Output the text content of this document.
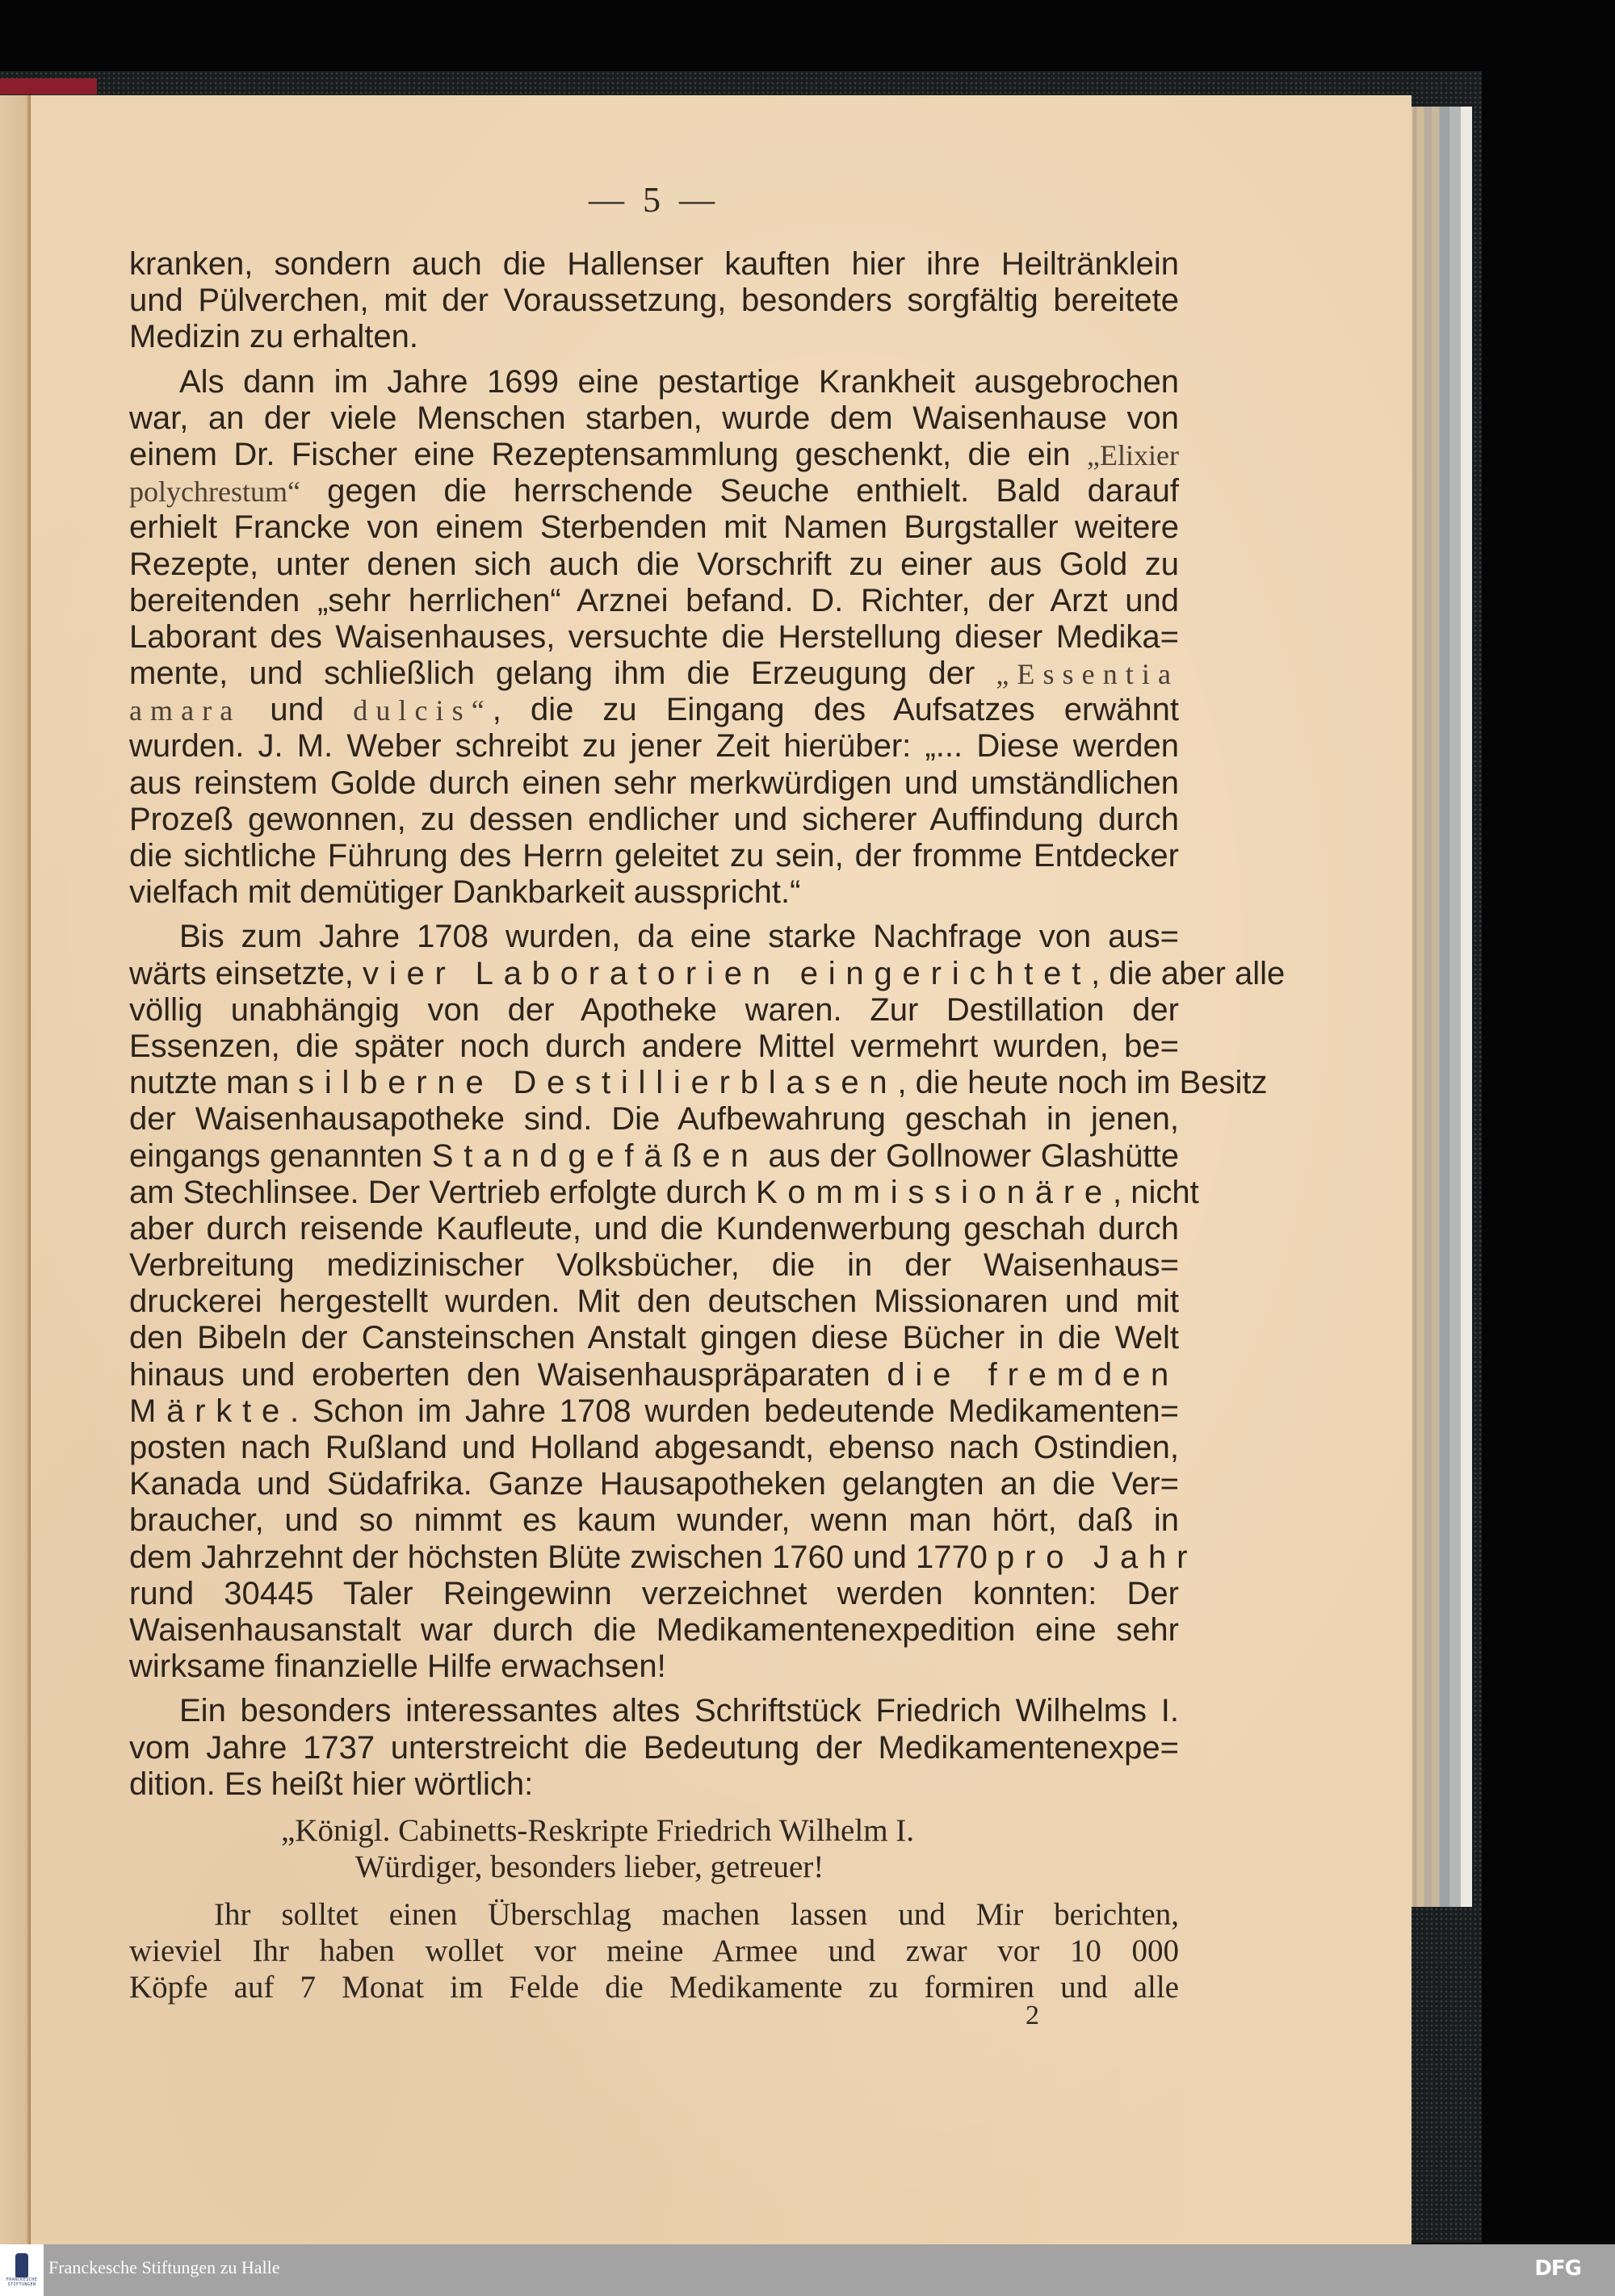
— 5 —
kranken, sondern auch die Hallenser kauften hier ihre Heiltränklein
und Pülverchen, mit der Voraussetzung, besonders sorgfältig bereitete
Medizin zu erhalten.
Als dann im Jahre 1699 eine pestartige Krankheit ausgebrochen
war, an der viele Menschen starben, wurde dem Waisenhause von
einem Dr. Fischer eine Rezeptensammlung geschenkt, die ein „Elixier
polychrestum“ gegen die herrschende Seuche enthielt. Bald darauf
erhielt Francke von einem Sterbenden mit Namen Burgstaller weitere
Rezepte, unter denen sich auch die Vorschrift zu einer aus Gold zu
bereitenden „sehr herrlichen“ Arznei befand. D. Richter, der Arzt und
Laborant des Waisenhauses, versuchte die Herstellung dieser Medika=
mente, und schließlich gelang ihm die Erzeugung der „Essentia
amara und dulcis“, die zu Eingang des Aufsatzes erwähnt
wurden. J. M. Weber schreibt zu jener Zeit hierüber: „... Diese werden
aus reinstem Golde durch einen sehr merkwürdigen und umständlichen
Prozeß gewonnen, zu dessen endlicher und sicherer Auffindung durch
die sichtliche Führung des Herrn geleitet zu sein, der fromme Entdecker
vielfach mit demütiger Dankbarkeit ausspricht.“
Bis zum Jahre 1708 wurden, da eine starke Nachfrage von aus=
wärts einsetzte, vier Laboratorien eingerichtet, die aber alle
völlig unabhängig von der Apotheke waren. Zur Destillation der
Essenzen, die später noch durch andere Mittel vermehrt wurden, be=
nutzte man silberne Destillierblasen, die heute noch im Besitz
der Waisenhausapotheke sind. Die Aufbewahrung geschah in jenen,
eingangs genannten Standgefäßen aus der Gollnower Glashütte
am Stechlinsee. Der Vertrieb erfolgte durch Kommissionäre, nicht
aber durch reisende Kaufleute, und die Kundenwerbung geschah durch
Verbreitung medizinischer Volksbücher, die in der Waisenhaus=
druckerei hergestellt wurden. Mit den deutschen Missionaren und mit
den Bibeln der Cansteinschen Anstalt gingen diese Bücher in die Welt
hinaus und eroberten den Waisenhauspräparaten die fremden
Märkte. Schon im Jahre 1708 wurden bedeutende Medikamenten=
posten nach Rußland und Holland abgesandt, ebenso nach Ostindien,
Kanada und Südafrika. Ganze Hausapotheken gelangten an die Ver=
braucher, und so nimmt es kaum wunder, wenn man hört, daß in
dem Jahrzehnt der höchsten Blüte zwischen 1760 und 1770 pro Jahr
rund 30445 Taler Reingewinn verzeichnet werden konnten: Der
Waisenhausanstalt war durch die Medikamentenexpedition eine sehr
wirksame finanzielle Hilfe erwachsen!
Ein besonders interessantes altes Schriftstück Friedrich Wilhelms I.
vom Jahre 1737 unterstreicht die Bedeutung der Medikamentenexpe=
dition. Es heißt hier wörtlich:
„Königl. Cabinetts-Reskripte Friedrich Wilhelm I.
Würdiger, besonders lieber, getreuer!
Ihr solltet einen Überschlag machen lassen und Mir berichten,
wieviel Ihr haben wollet vor meine Armee und zwar vor 10 000
Köpfe auf 7 Monat im Felde die Medikamente zu formiren und alle
2
FRANCKESCHE
STIFTUNGEN
Franckesche Stiftungen zu Halle	DFG
